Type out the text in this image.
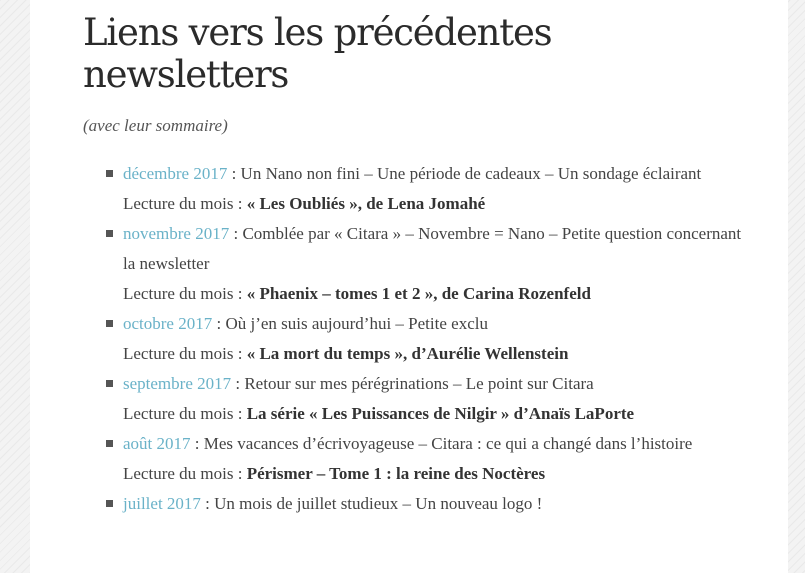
Liens vers les précédentes newsletters

(avec leur sommaire)

décembre 2017 : Un Nano non fini – Une période de cadeaux – Un sondage éclairant

Lecture du mois : « Les Oubliés », de Lena Jomahé

novembre 2017 : Comblée par « Citara » – Novembre = Nano – Petite question concernant la newsletter

Lecture du mois : « Phaenix – tomes 1 et 2 », de Carina Rozenfeld

octobre 2017 : Où j’en suis aujourd’hui – Petite exclu

Lecture du mois : « La mort du temps », d’Aurélie Wellenstein

septembre 2017 : Retour sur mes pérégrinations – Le point sur Citara

Lecture du mois : La série « Les Puissances de Nilgir » d’Anaïs LaPorte

août 2017 : Mes vacances d’écrivoyageuse – Citara : ce qui a changé dans l’histoire

Lecture du mois : Pérismer – Tome 1 : la reine des Noctères

juillet 2017 : Un mois de juillet studieux – Un nouveau logo !
